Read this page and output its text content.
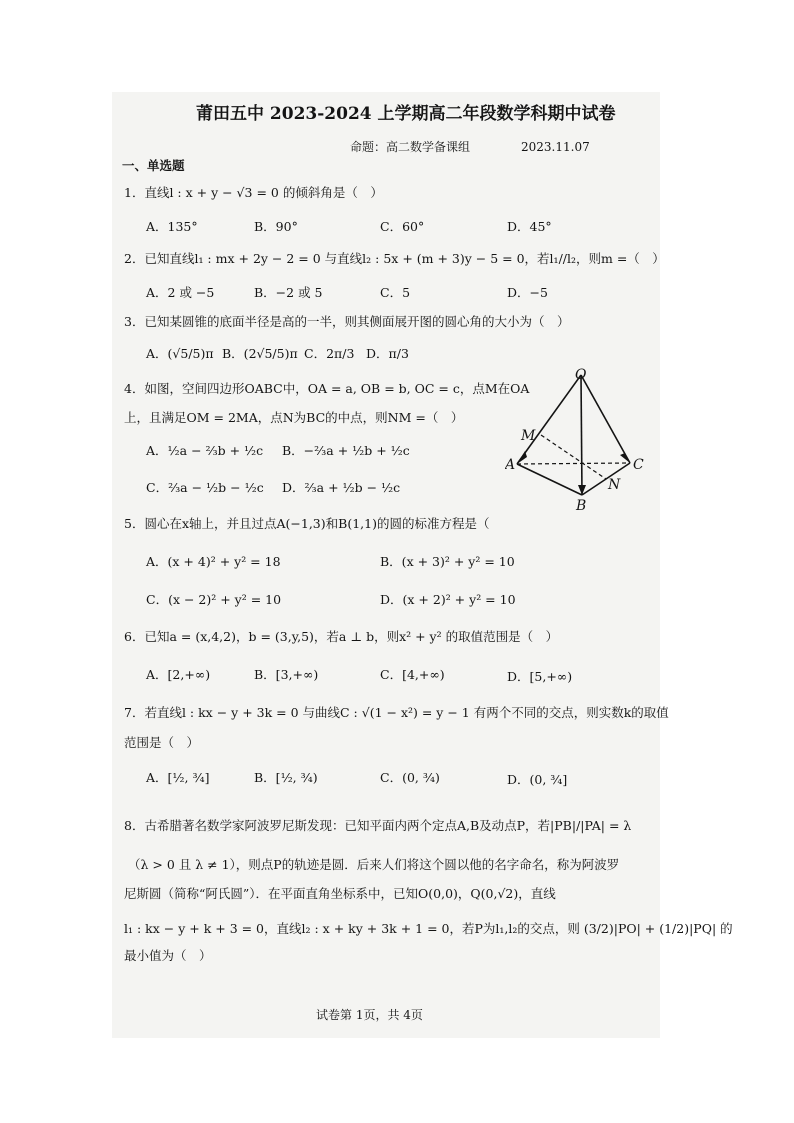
莆田五中 2023-2024 上学期高二年段数学科期中试卷
命题：高二数学备课组	2023.11.07
一、单选题
1．直线l : x + y − √3 = 0 的倾斜角是（　）
A．135°	B．90°	C．60°	D．45°
2．已知直线l₁ : mx + 2y − 2 = 0 与直线l₂ : 5x + (m + 3)y − 5 = 0，若l₁//l₂，则m =（　）
A．2 或 −5	B．−2 或 5	C．5	D．−5
3．已知某圆锥的底面半径是高的一半，则其侧面展开图的圆心角的大小为（　）
A．(√5/5)π B．(2√5/5)π C．2π/3 D．π/3
4．如图，空间四边形OABC中，OA = a, OB = b, OC = c，点M在OA
上，且满足OM = 2MA，点N为BC的中点，则NM =（　）
A．½a − ⅔b + ½c B．−⅔a + ½b + ½c
C．⅔a − ½b − ½c D．⅔a + ½b − ½c
O
M
A	C
N
B
5．圆心在x轴上，并且过点A(−1,3)和B(1,1)的圆的标准方程是（
A．(x + 4)² + y² = 18	B．(x + 3)² + y² = 10
C．(x − 2)² + y² = 10	D．(x + 2)² + y² = 10
6．已知a = (x,4,2)，b = (3,y,5)，若a ⊥ b，则x² + y² 的取值范围是（　）
A．[2,+∞)	B．[3,+∞)	C．[4,+∞)	D．[5,+∞)
7．若直线l : kx − y + 3k = 0 与曲线C : √(1 − x²) = y − 1 有两个不同的交点，则实数k的取值
范围是（　）
A．[½, ¾]	B．[½, ¾)	C．(0, ¾)	D．(0, ¾]
8．古希腊著名数学家阿波罗尼斯发现：已知平面内两个定点A,B及动点P，若|PB|/|PA| = λ
（λ > 0 且 λ ≠ 1），则点P的轨迹是圆．后来人们将这个圆以他的名字命名，称为阿波罗
尼斯圆（简称“阿氏圆”）．在平面直角坐标系中，已知O(0,0)，Q(0,√2)，直线
l₁ : kx − y + k + 3 = 0，直线l₂ : x + ky + 3k + 1 = 0，若P为l₁,l₂的交点，则 (3/2)|PO| + (1/2)|PQ| 的
最小值为（　）
试卷第 1页，共 4页
